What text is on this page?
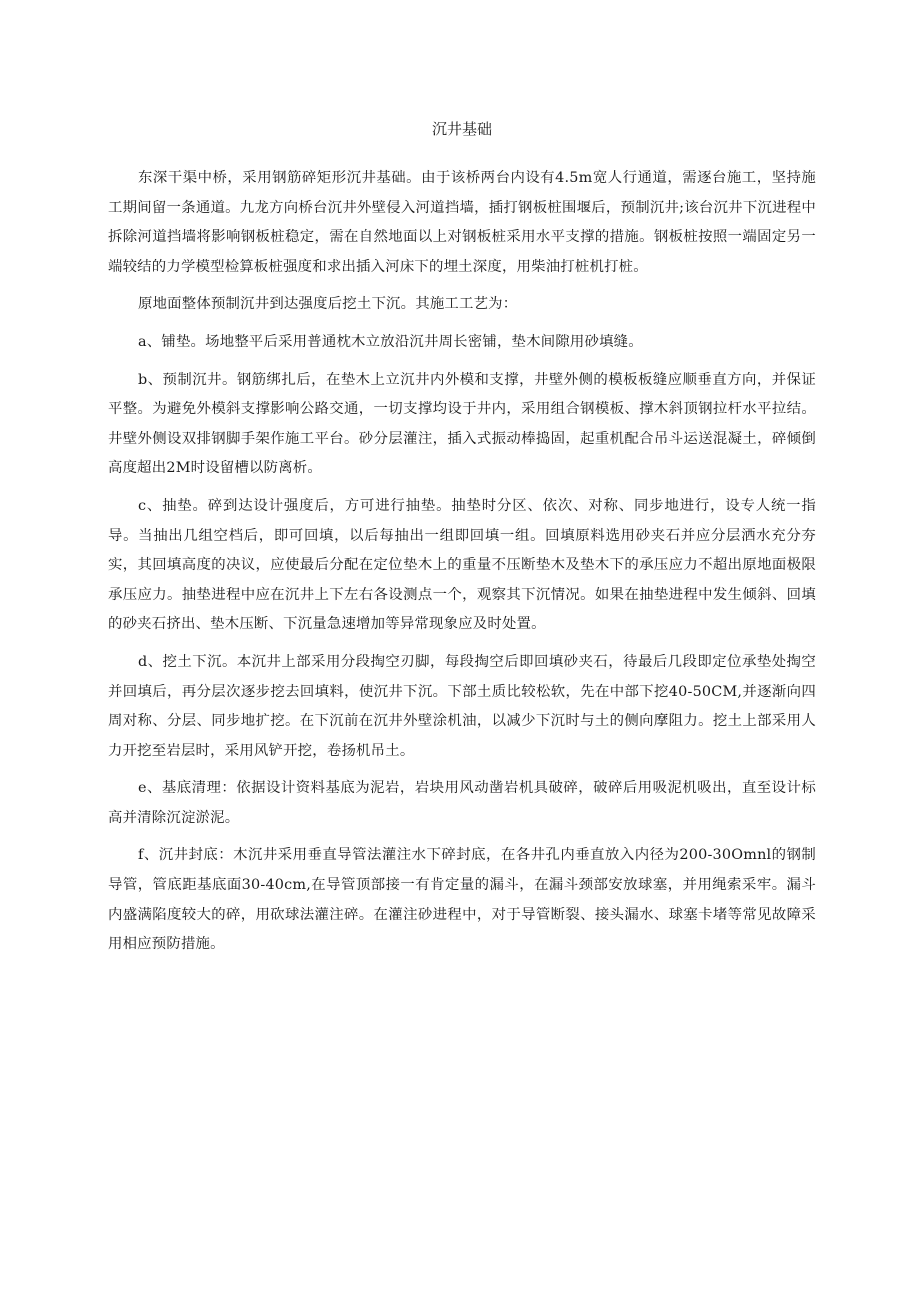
沉井基础

东深干渠中桥，采用钢筋碎矩形沉井基础。由于该桥两台内设有4.5m宽人行通道，需逐台施工，坚持施工期间留一条通道。九龙方向桥台沉井外壁侵入河道挡墙，插打钢板桩围堰后，预制沉井;该台沉井下沉进程中拆除河道挡墙将影响钢板桩稳定，需在自然地面以上对钢板桩采用水平支撑的措施。钢板桩按照一端固定另一端较结的力学模型检算板桩强度和求出插入河床下的埋土深度，用柴油打桩机打桩。

原地面整体预制沉井到达强度后挖土下沉。其施工工艺为：

a、铺垫。场地整平后采用普通枕木立放沿沉井周长密铺，垫木间隙用砂填缝。

b、预制沉井。钢筋绑扎后，在垫木上立沉井内外模和支撑，井壁外侧的模板板缝应顺垂直方向，并保证平整。为避免外模斜支撑影响公路交通，一切支撑均设于井内，采用组合钢模板、撑木斜顶钢拉杆水平拉结。井壁外侧设双排钢脚手架作施工平台。砂分层灌注，插入式振动棒捣固，起重机配合吊斗运送混凝土，碎倾倒高度超出2M时设留槽以防离析。

c、抽垫。碎到达设计强度后，方可进行抽垫。抽垫时分区、依次、对称、同步地进行，设专人统一指导。当抽出几组空档后，即可回填，以后每抽出一组即回填一组。回填原料选用砂夹石并应分层洒水充分夯实，其回填高度的决议，应使最后分配在定位垫木上的重量不压断垫木及垫木下的承压应力不超出原地面极限承压应力。抽垫进程中应在沉井上下左右各设测点一个，观察其下沉情况。如果在抽垫进程中发生倾斜、回填的砂夹石挤出、垫木压断、下沉量急速增加等异常现象应及时处置。

d、挖土下沉。本沉井上部采用分段掏空刃脚，每段掏空后即回填砂夹石，待最后几段即定位承垫处掏空并回填后，再分层次逐步挖去回填料，使沉井下沉。下部土质比较松软，先在中部下挖40-50CM,并逐渐向四周对称、分层、同步地扩挖。在下沉前在沉井外壁涂机油，以减少下沉时与土的侧向摩阻力。挖土上部采用人力开挖至岩层时，采用风铲开挖，卷扬机吊土。

e、基底清理：依据设计资料基底为泥岩，岩块用风动凿岩机具破碎，破碎后用吸泥机吸出，直至设计标高并清除沉淀淤泥。

f、沉井封底：木沉井采用垂直导管法灌注水下碎封底，在各井孔内垂直放入内径为200-30Omnl的钢制导管，管底距基底面30-40cm,在导管顶部接一有肯定量的漏斗，在漏斗颈部安放球塞，并用绳索采牢。漏斗内盛满陷度较大的碎，用砍球法灌注碎。在灌注砂进程中，对于导管断裂、接头漏水、球塞卡堵等常见故障采用相应预防措施。
